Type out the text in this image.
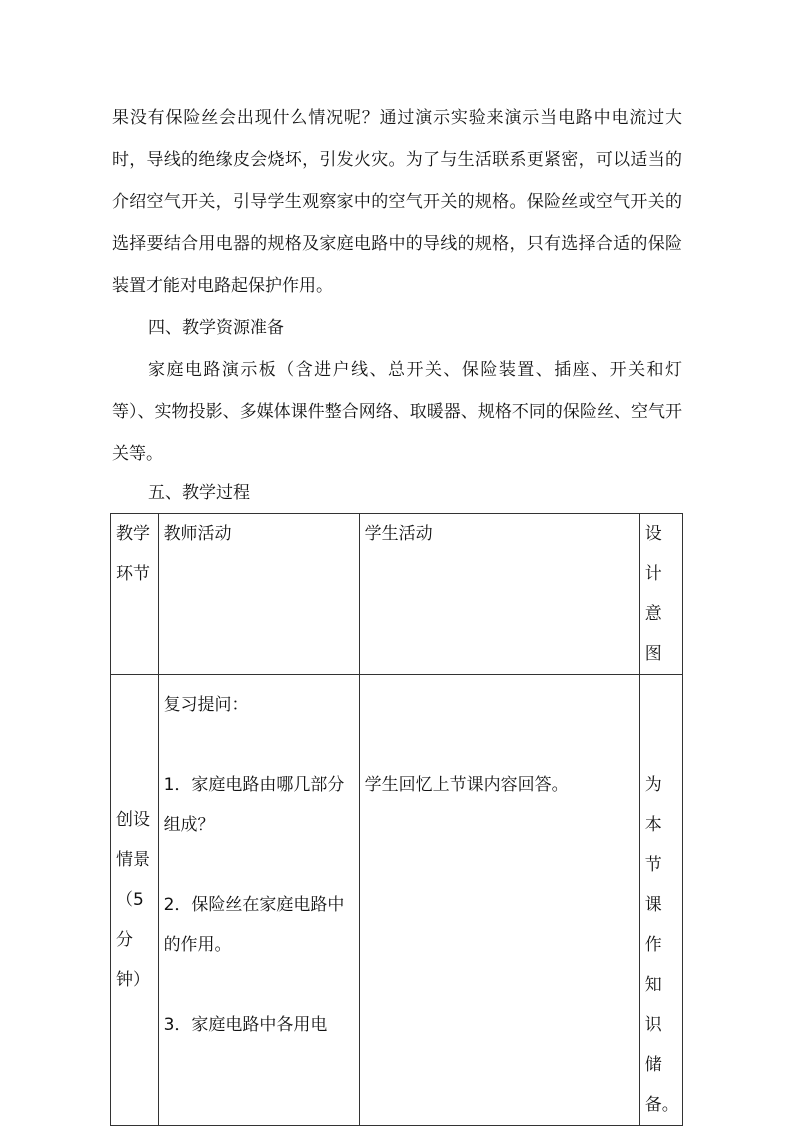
果没有保险丝会出现什么情况呢？通过演示实验来演示当电路中电流过大时，导线的绝缘皮会烧坏，引发火灾。为了与生活联系更紧密，可以适当的介绍空气开关，引导学生观察家中的空气开关的规格。保险丝或空气开关的选择要结合用电器的规格及家庭电路中的导线的规格，只有选择合适的保险装置才能对电路起保护作用。

四、教学资源准备

家庭电路演示板（含进户线、总开关、保险装置、插座、开关和灯等）、实物投影、多媒体课件整合网络、取暖器、规格不同的保险丝、空气开关等。

五、教学过程

教学环节	教师活动	学生活动	设计意图
创设情景（5分钟）	复习提问：

1．家庭电路由哪几部分组成？

2．保险丝在家庭电路中的作用。

3．家庭电路中各用电	学生回忆上节课内容回答。	为本节课作知识储备。
